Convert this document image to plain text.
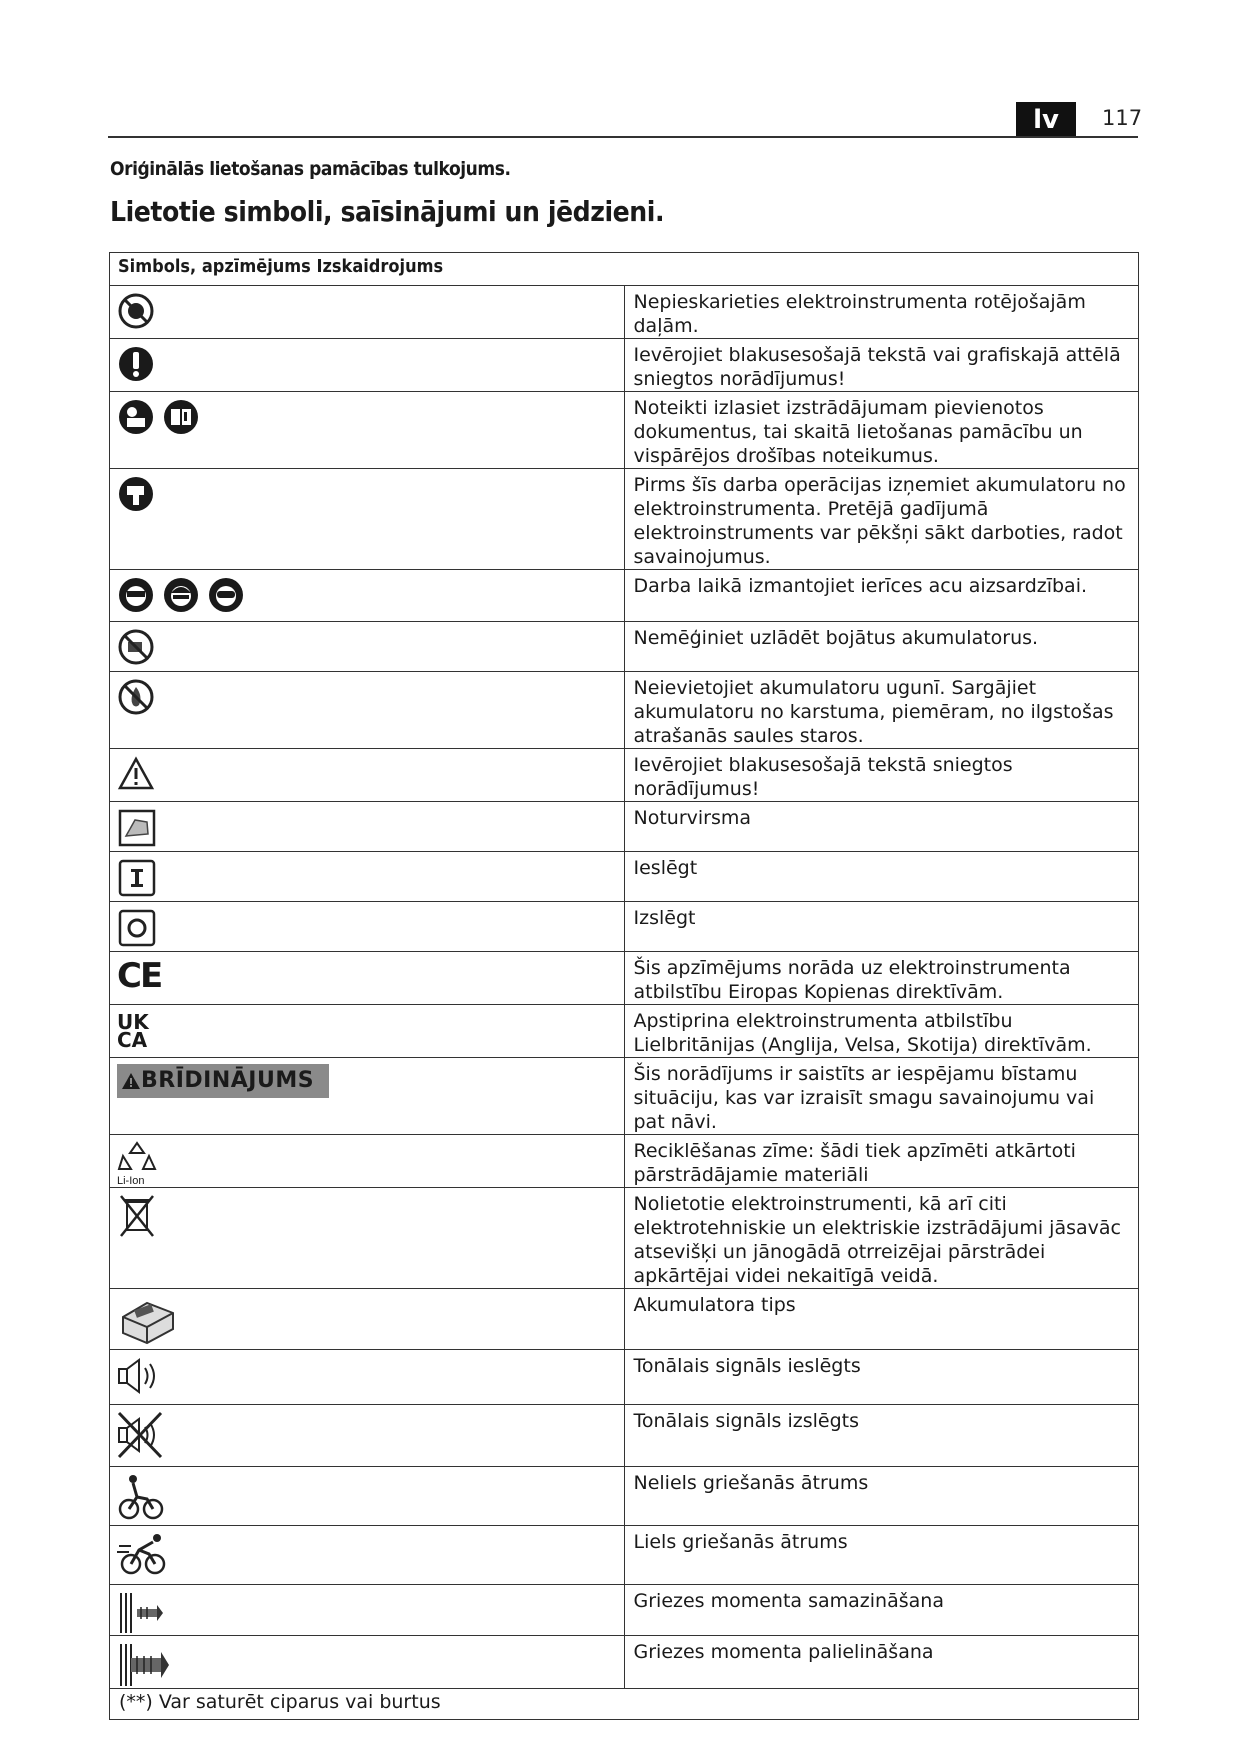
lv	117
Oriģinālās lietošanas pamācības tulkojums.
Lietotie simboli, saīsinājumi un jēdzieni.
Simbols, apzīmējums Izskaidrojums	

	Nepieskarieties elektroinstrumenta rotējošajām daļām.

	Ievērojiet blakusesošajā tekstā vai grafiskajā attēlā sniegtos norādījumus!

	Noteikti izlasiet izstrādājumam pievienotos dokumentus, tai skaitā lietošanas pamācību un vispārējos drošības noteikumus.

	Pirms šīs darba operācijas izņemiet akumulatoru no elektroinstrumenta. Pretējā gadījumā elektroinstruments var pēkšņi sākt darboties, radot savainojumus.

	Darba laikā izmantojiet ierīces acu aizsardzībai.

	Nemēģiniet uzlādēt bojātus akumulatorus.

	Neievietojiet akumulatoru ugunī. Sargājiet akumulatoru no karstuma, piemēram, no ilgstošas atrašanās saules staros.

	Ievērojiet blakusesošajā tekstā sniegtos norādījumus!

	Noturvirsma

	Ieslēgt

	Izslēgt

CE	Šis apzīmējums norāda uz elektroinstrumenta atbilstību Eiropas Kopienas direktīvām.

UK
CA	Apstiprina elektroinstrumenta atbilstību Lielbritānijas (Anglija, Velsa, Skotija) direktīvām.

BRĪDINĀJUMS	Šis norādījums ir saistīts ar iespējamu bīstamu situāciju, kas var izraisīt smagu savainojumu vai pat nāvi.

Li-Ion	Reciklēšanas zīme: šādi tiek apzīmēti atkārtoti pārstrādājamie materiāli

	Nolietotie elektroinstrumenti, kā arī citi elektrotehniskie un elektriskie izstrādājumi jāsavāc atsevišķi un jānogādā otrreizējai pārstrādei apkārtējai videi nekaitīgā veidā.

	Akumulatora tips

	Tonālais signāls ieslēgts

	Tonālais signāls izslēgts

	Neliels griešanās ātrums

	Liels griešanās ātrums

	Griezes momenta samazināšana

	Griezes momenta palielināšana
(**) Var saturēt ciparus vai burtus	
